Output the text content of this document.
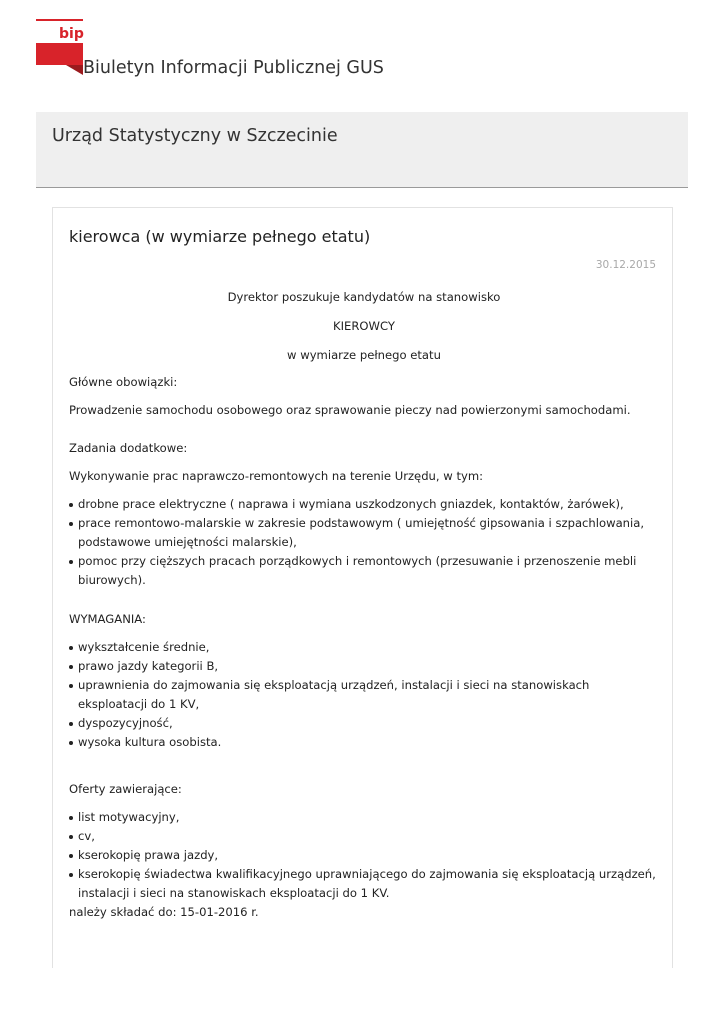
bip
Biuletyn Informacji Publicznej GUS
Urząd Statystyczny w Szczecinie
kierowca (w wymiarze pełnego etatu)
30.12.2015

Dyrektor poszukuje kandydatów na stanowisko

KIEROWCY

w wymiarze pełnego etatu

Główne obowiązki:

Prowadzenie samochodu osobowego oraz sprawowanie pieczy nad powierzonymi samochodami.

Zadania dodatkowe:

Wykonywanie prac naprawczo-remontowych na terenie Urzędu, w tym:

drobne prace elektryczne ( naprawa i wymiana uszkodzonych gniazdek, kontaktów, żarówek),
prace remontowo-malarskie w zakresie podstawowym ( umiejętność gipsowania i szpachlowania, podstawowe umiejętności malarskie),
pomoc przy cięższych pracach porządkowych i remontowych (przesuwanie i przenoszenie mebli biurowych).

WYMAGANIA:

wykształcenie średnie,
prawo jazdy kategorii B,
uprawnienia do zajmowania się eksploatacją urządzeń, instalacji i sieci na stanowiskach eksploatacji do 1 KV,
dyspozycyjność,
wysoka kultura osobista.

Oferty zawierające:

list motywacyjny,
cv,
kserokopię prawa jazdy,
kserokopię świadectwa kwalifikacyjnego uprawniającego do zajmowania się eksploatacją urządzeń, instalacji i sieci na stanowiskach eksploatacji do 1 KV.

należy składać do: 15-01-2016 r.
